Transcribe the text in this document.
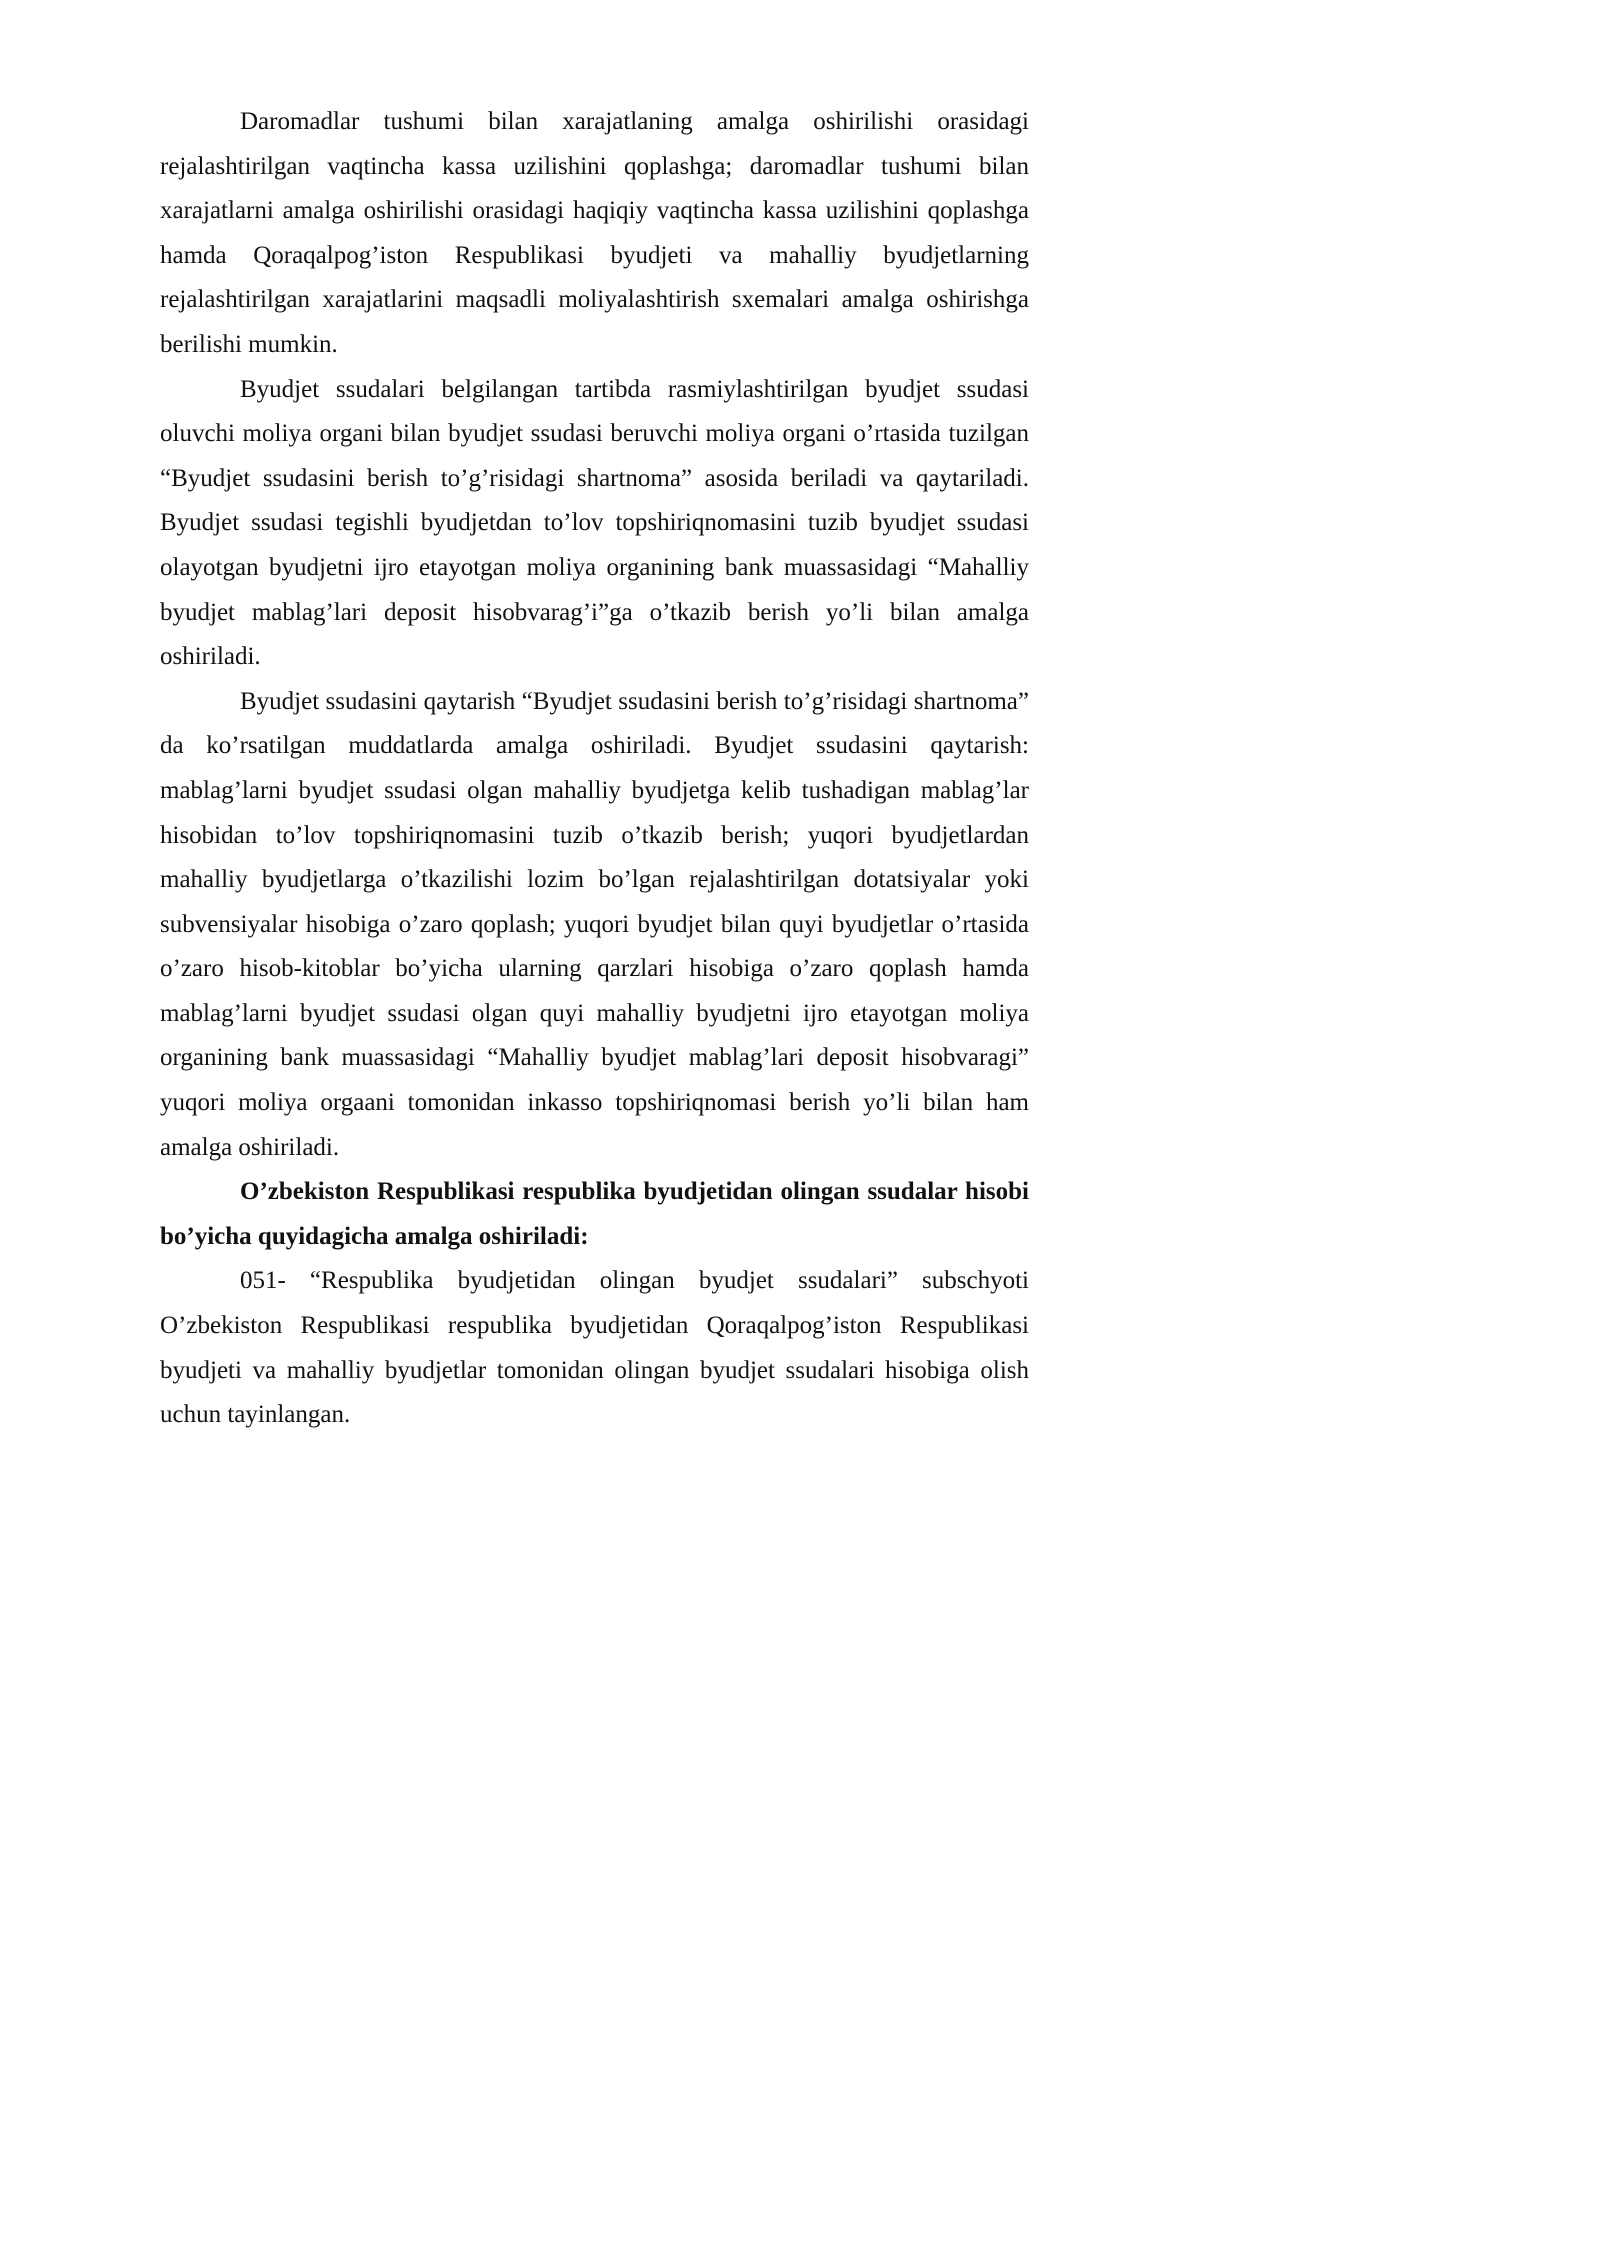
Daromadlar tushumi bilan xarajatlaning amalga oshirilishi orasidagi rejalashtirilgan vaqtincha kassa uzilishini qoplashga; daromadlar tushumi bilan xarajatlarni amalga oshirilishi orasidagi haqiqiy vaqtincha kassa uzilishini qoplashga hamda Qoraqalpog’iston Respublikasi byudjeti va mahalliy byudjetlarning rejalashtirilgan xarajatlarini maqsadli moliyalashtirish sxemalari amalga oshirishga berilishi mumkin.

Byudjet ssudalari belgilangan tartibda rasmiylashtirilgan byudjet ssudasi oluvchi moliya organi bilan byudjet ssudasi beruvchi moliya organi o’rtasida tuzilgan “Byudjet ssudasini berish to’g’risidagi shartnoma” asosida beriladi va qaytariladi. Byudjet ssudasi tegishli byudjetdan to’lov topshiriqnomasini tuzib byudjet ssudasi olayotgan byudjetni ijro etayotgan moliya organining bank muassasidagi “Mahalliy byudjet mablag’lari deposit hisobvarag’i”ga o’tkazib berish yo’li bilan amalga oshiriladi.

Byudjet ssudasini qaytarish “Byudjet ssudasini berish to’g’risidagi shartnoma” da ko’rsatilgan muddatlarda amalga oshiriladi. Byudjet ssudasini qaytarish: mablag’larni byudjet ssudasi olgan mahalliy byudjetga kelib tushadigan mablag’lar hisobidan to’lov topshiriqnomasini tuzib o’tkazib berish; yuqori byudjetlardan mahalliy byudjetlarga o’tkazilishi lozim bo’lgan rejalashtirilgan dotatsiyalar yoki subvensiyalar hisobiga o’zaro qoplash; yuqori byudjet bilan quyi byudjetlar o’rtasida o’zaro hisob-kitoblar bo’yicha ularning qarzlari hisobiga o’zaro qoplash hamda mablag’larni byudjet ssudasi olgan quyi mahalliy byudjetni ijro etayotgan moliya organining bank muassasidagi “Mahalliy byudjet mablag’lari deposit hisobvaragi” yuqori moliya orgaani tomonidan inkasso topshiriqnomasi berish yo’li bilan ham amalga oshiriladi.

O’zbekiston Respublikasi respublika byudjetidan olingan ssudalar hisobi bo’yicha quyidagicha amalga oshiriladi:

051- “Respublika byudjetidan olingan byudjet ssudalari” subschyoti O’zbekiston Respublikasi respublika byudjetidan Qoraqalpog’iston Respublikasi byudjeti va mahalliy byudjetlar tomonidan olingan byudjet ssudalari hisobiga olish uchun tayinlangan.
